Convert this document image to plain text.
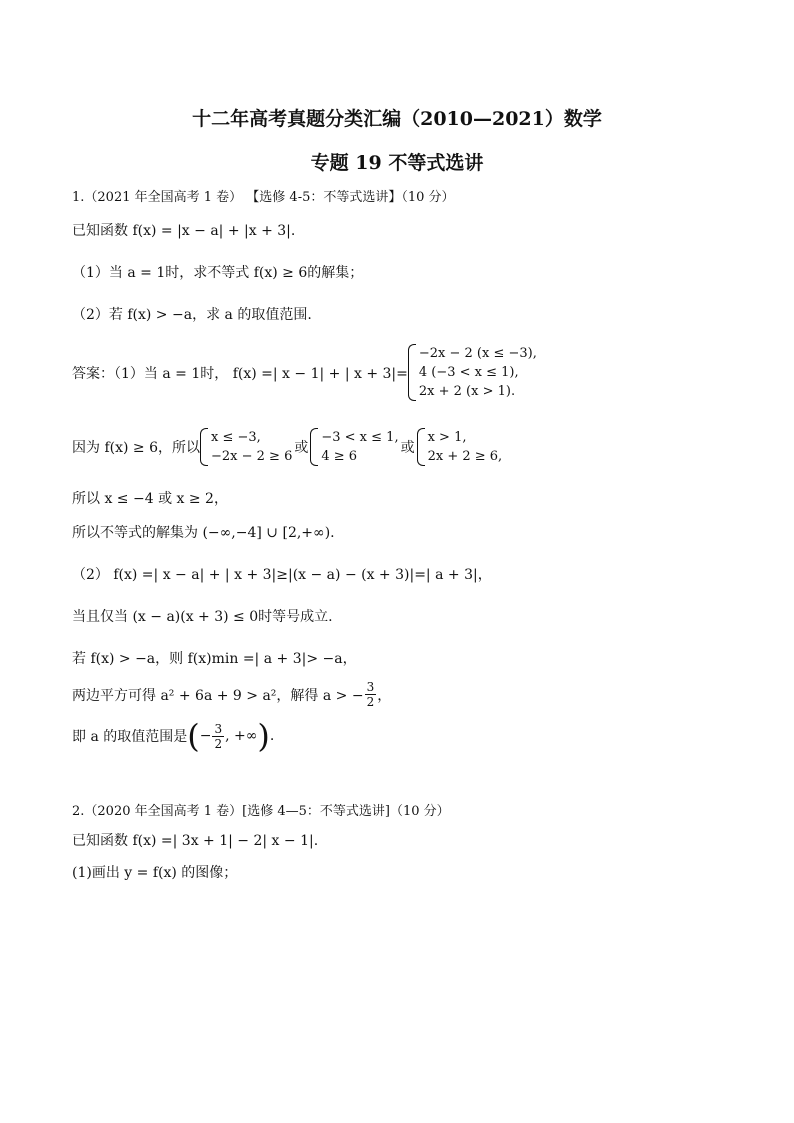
十二年高考真题分类汇编（2010—2021）数学
专题 19 不等式选讲
1.（2021 年全国高考 1 卷） 【选修 4-5：不等式选讲】（10 分）
已知函数 f(x) = |x − a| + |x + 3|.
（1）当 a = 1时，求不等式 f(x) ≥ 6的解集；
（2）若 f(x) > −a，求 a 的取值范围.
答案：（1）当 a = 1时， f(x) =| x − 1| + | x + 3|=
−2x − 2 (x ≤ −3),
4 (−3 < x ≤ 1),
2x + 2 (x > 1).
因为 f(x) ≥ 6，所以
x ≤ −3,
−2x − 2 ≥ 6
或
−3 < x ≤ 1,
4 ≥ 6
或
x > 1,
2x + 2 ≥ 6,
所以 x ≤ −4 或 x ≥ 2，
所以不等式的解集为 (−∞,−4] ∪ [2,+∞).
（2） f(x) =| x − a| + | x + 3|≥|(x − a) − (x + 3)|=| a + 3|，
当且仅当 (x − a)(x + 3) ≤ 0时等号成立.
若 f(x) > −a，则 f(x)min =| a + 3|> −a，
两边平方可得 a² + 6a + 9 > a²，解得 a > − $\frac{3}{2}$ ，
即 a 的取值范围是 ( − $\frac{3}{2}$ , +∞ ) .
2.（2020 年全国高考 1 卷）[选修 4—5：不等式选讲]（10 分）
已知函数 f(x) =| 3x + 1| − 2| x − 1|.
(1)画出 y = f(x) 的图像；
